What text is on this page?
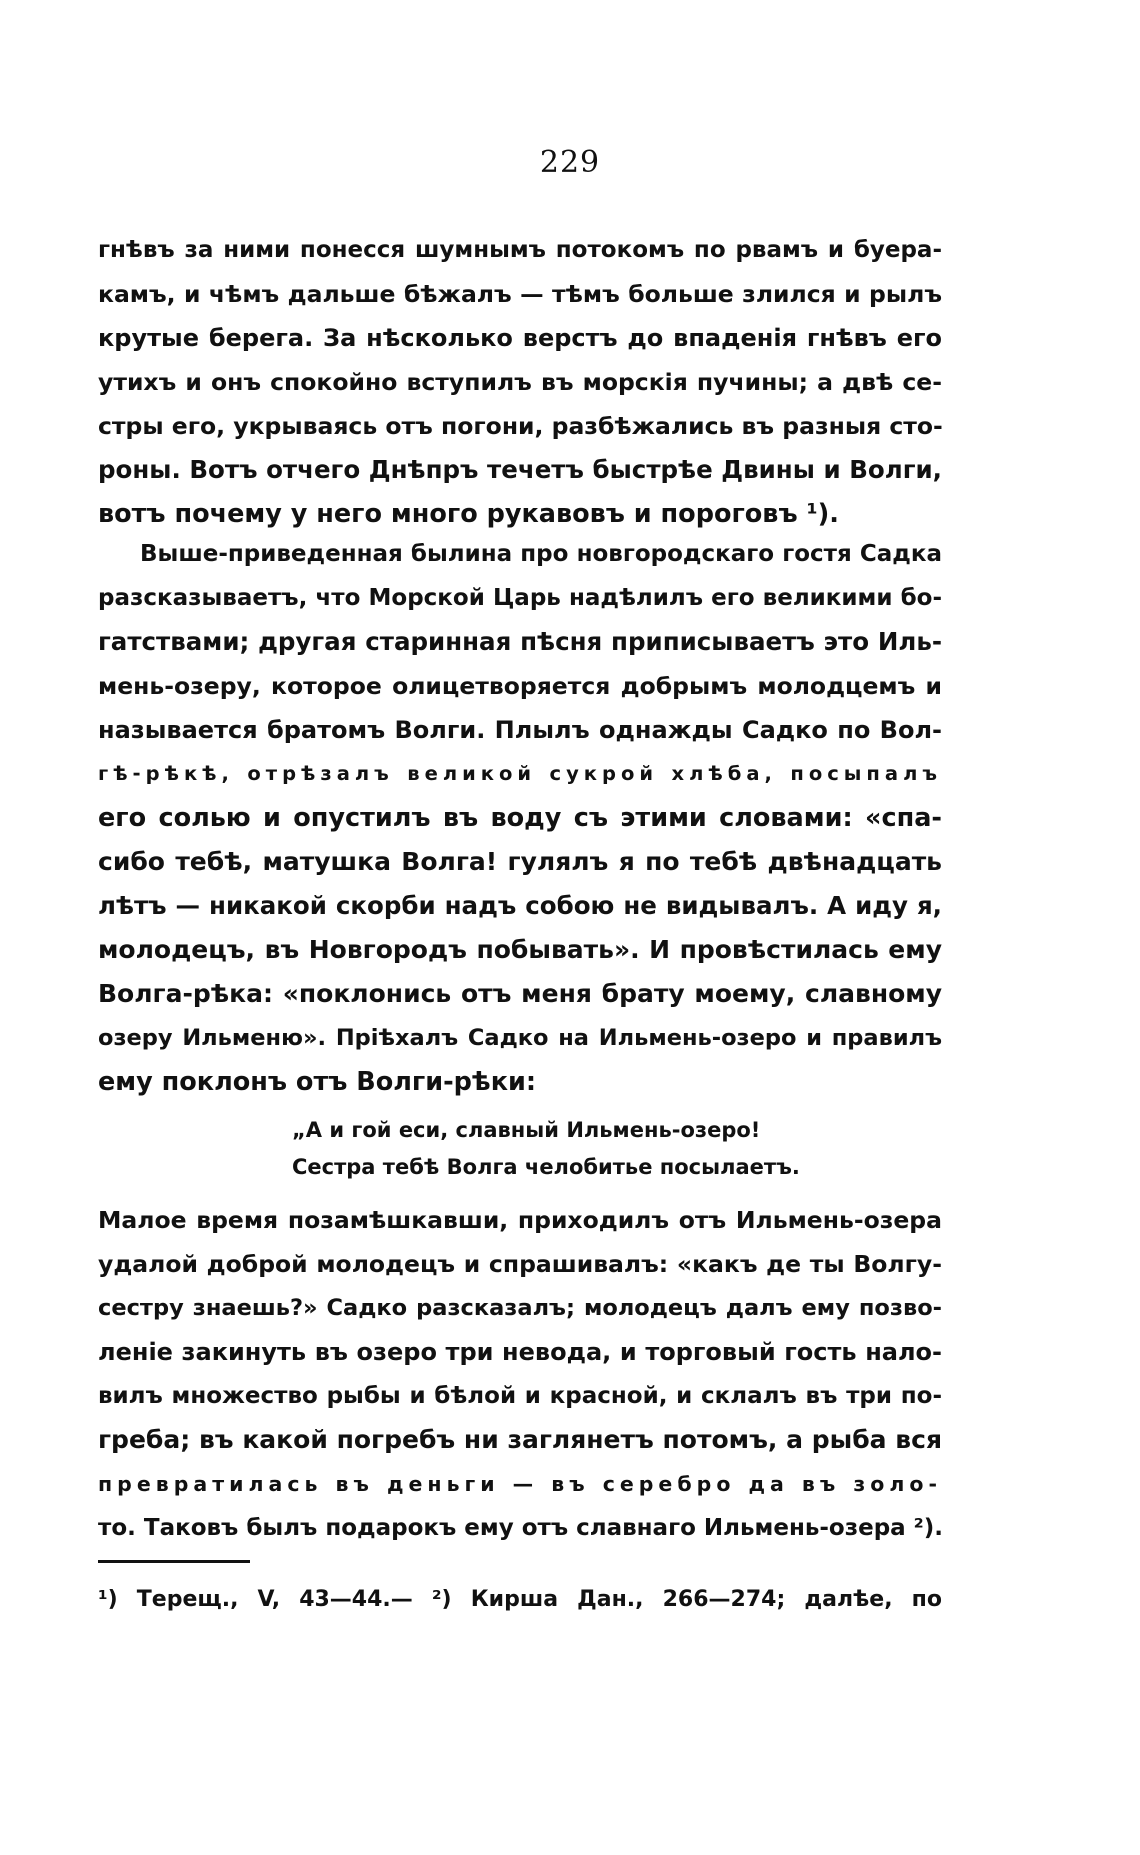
229
гнѣвъ за ними понесся шумнымъ потокомъ по рвамъ и буера-
камъ, и чѣмъ дальше бѣжалъ — тѣмъ больше злился и рылъ
крутые берега. За нѣсколько верстъ до впаденія гнѣвъ его
утихъ и онъ спокойно вступилъ въ морскія пучины; а двѣ се-
стры его, укрываясь отъ погони, разбѣжались въ разныя сто-
роны. Вотъ отчего Днѣпръ течетъ быстрѣе Двины и Волги,
вотъ почему у него много рукавовъ и пороговъ ¹).
Выше-приведенная былина про новгородскаго гостя Садка
разсказываетъ, что Морской Царь надѣлилъ его великими бо-
гатствами; другая старинная пѣсня приписываетъ это Иль-
мень-озеру, которое олицетворяется добрымъ молодцемъ и
называется братомъ Волги. Плылъ однажды Садко по Вол-
гѣ-рѣкѣ, отрѣзалъ великой сукрой хлѣба, посыпалъ
его солью и опустилъ въ воду съ этими словами: «спа-
сибо тебѣ, матушка Волга! гулялъ я по тебѣ двѣнадцать
лѣтъ — никакой скорби надъ собою не видывалъ. А иду я,
молодецъ, въ Новгородъ побывать». И провѣстилась ему
Волга-рѣка: «поклонись отъ меня брату моему, славному
озеру Ильменю». Пріѣхалъ Садко на Ильмень-озеро и правилъ
ему поклонъ отъ Волги-рѣки:
„А и гой еси, славный Ильмень-озеро!
Сестра тебѣ Волга челобитье посылаетъ.
Малое время позамѣшкавши, приходилъ отъ Ильмень-озера
удалой доброй молодецъ и спрашивалъ: «какъ де ты Волгу-
сестру знаешь?» Садко разсказалъ; молодецъ далъ ему позво-
леніе закинуть въ озеро три невода, и торговый гость нало-
вилъ множество рыбы и бѣлой и красной, и склалъ въ три по-
греба; въ какой погребъ ни заглянетъ потомъ, а рыба вся
превратилась въ деньги — въ серебро да въ золо-
то. Таковъ былъ подарокъ ему отъ славнаго Ильмень-озера ²).
¹) Терещ., V, 43—44.— ²) Кирша Дан., 266—274; далѣе, по
